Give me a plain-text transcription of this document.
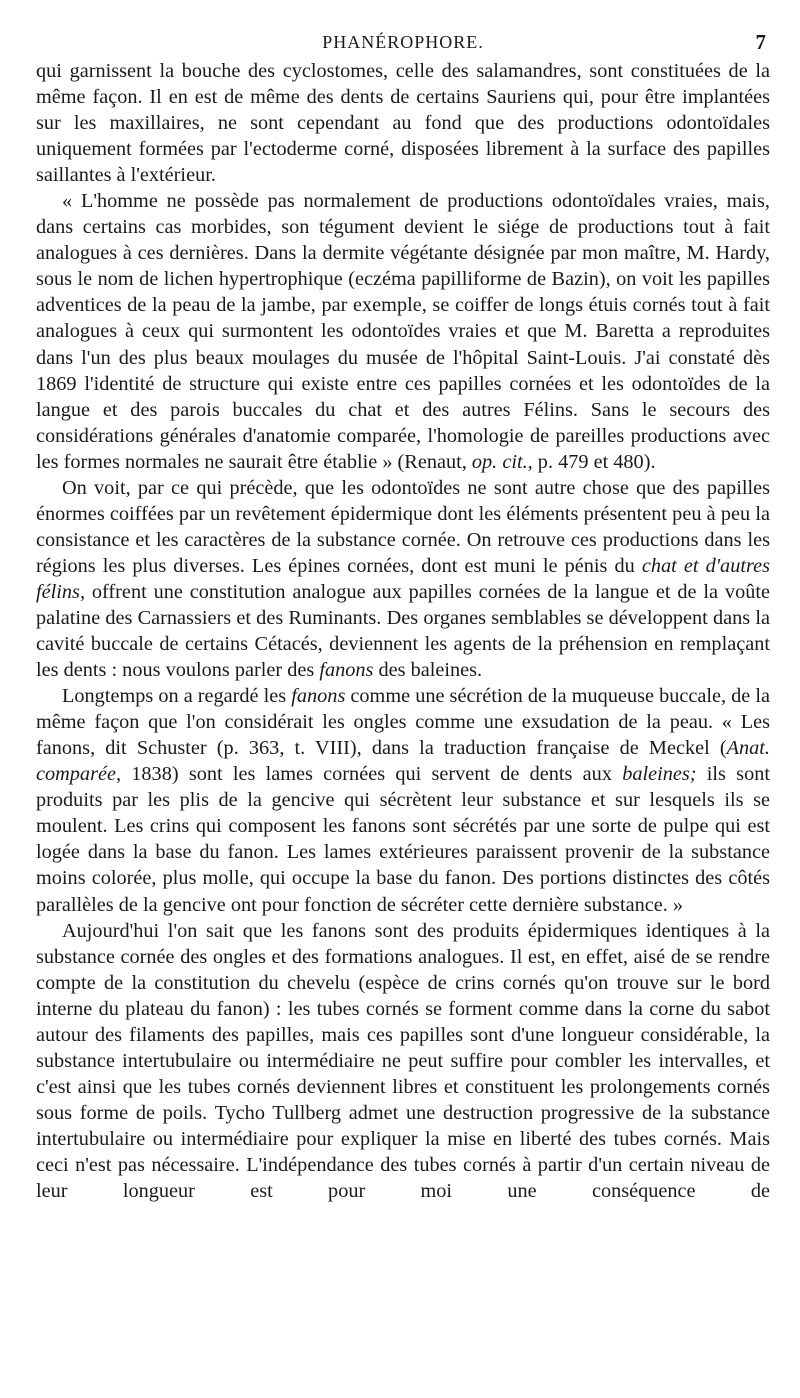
PHANÉROPHORE.	7

qui garnissent la bouche des cyclostomes, celle des salamandres, sont constituées de la même façon. Il en est de même des dents de certains Sauriens qui, pour être implantées sur les maxillaires, ne sont cependant au fond que des productions odontoïdales uniquement formées par l'ectoderme corné, disposées librement à la surface des papilles saillantes à l'extérieur.

« L'homme ne possède pas normalement de productions odontoïdales vraies, mais, dans certains cas morbides, son tégument devient le siége de productions tout à fait analogues à ces dernières. Dans la dermite végétante désignée par mon maître, M. Hardy, sous le nom de lichen hypertrophique (eczéma papilliforme de Bazin), on voit les papilles adventices de la peau de la jambe, par exemple, se coiffer de longs étuis cornés tout à fait analogues à ceux qui surmontent les odontoïdes vraies et que M. Baretta a reproduites dans l'un des plus beaux moulages du musée de l'hôpital Saint-Louis. J'ai constaté dès 1869 l'identité de structure qui existe entre ces papilles cornées et les odontoïdes de la langue et des parois buccales du chat et des autres Félins. Sans le secours des considérations générales d'anatomie comparée, l'homologie de pareilles productions avec les formes normales ne saurait être établie » (Renaut, op. cit., p. 479 et 480).

On voit, par ce qui précède, que les odontoïdes ne sont autre chose que des papilles énormes coiffées par un revêtement épidermique dont les éléments présentent peu à peu la consistance et les caractères de la substance cornée. On retrouve ces productions dans les régions les plus diverses. Les épines cornées, dont est muni le pénis du chat et d'autres félins, offrent une constitution analogue aux papilles cornées de la langue et de la voûte palatine des Carnassiers et des Ruminants. Des organes semblables se développent dans la cavité buccale de certains Cétacés, deviennent les agents de la préhension en remplaçant les dents : nous voulons parler des fanons des baleines.

Longtemps on a regardé les fanons comme une sécrétion de la muqueuse buccale, de la même façon que l'on considérait les ongles comme une exsudation de la peau. « Les fanons, dit Schuster (p. 363, t. VIII), dans la traduction française de Meckel (Anat. comparée, 1838) sont les lames cornées qui servent de dents aux baleines; ils sont produits par les plis de la gencive qui sécrètent leur substance et sur lesquels ils se moulent. Les crins qui composent les fanons sont sécrétés par une sorte de pulpe qui est logée dans la base du fanon. Les lames extérieures paraissent provenir de la substance moins colorée, plus molle, qui occupe la base du fanon. Des portions distinctes des côtés parallèles de la gencive ont pour fonction de sécréter cette dernière substance. »

Aujourd'hui l'on sait que les fanons sont des produits épidermiques identiques à la substance cornée des ongles et des formations analogues. Il est, en effet, aisé de se rendre compte de la constitution du chevelu (espèce de crins cornés qu'on trouve sur le bord interne du plateau du fanon) : les tubes cornés se forment comme dans la corne du sabot autour des filaments des papilles, mais ces papilles sont d'une longueur considérable, la substance intertubulaire ou intermédiaire ne peut suffire pour combler les intervalles, et c'est ainsi que les tubes cornés deviennent libres et constituent les prolongements cornés sous forme de poils. Tycho Tullberg admet une destruction progressive de la substance intertubulaire ou intermédiaire pour expliquer la mise en liberté des tubes cornés. Mais ceci n'est pas nécessaire. L'indépendance des tubes cornés à partir d'un certain niveau de leur longueur est pour moi une conséquence de
